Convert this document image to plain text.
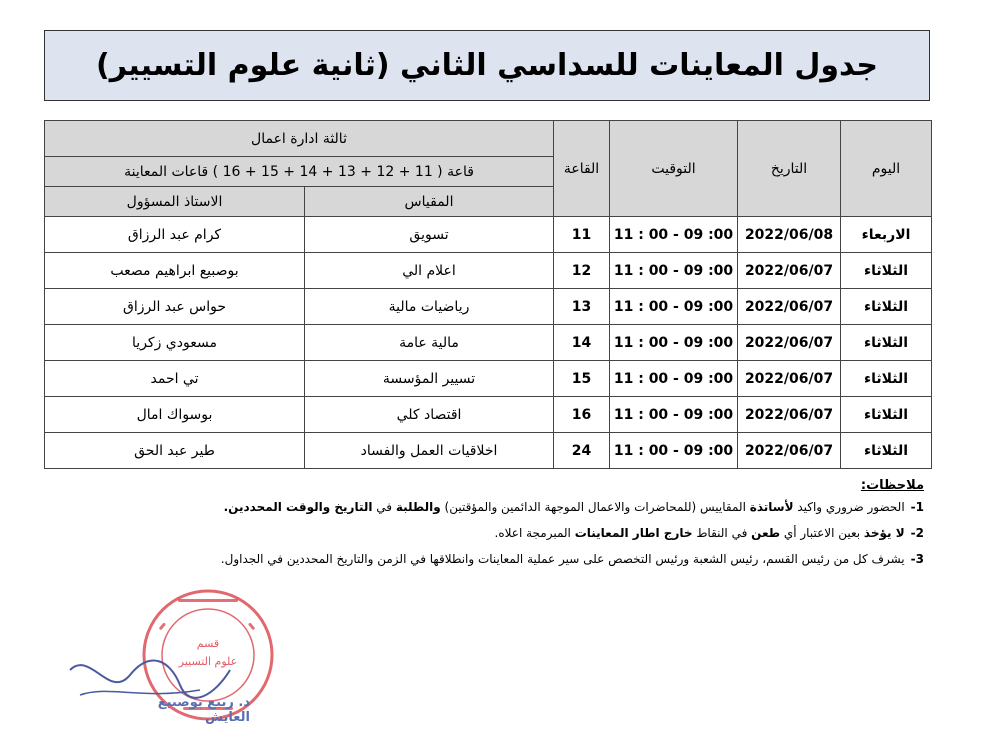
جدول المعاينات للسداسي الثاني (ثانية علوم التسيير)
اليوم	التاريخ	التوقيت	القاعة	ثالثة ادارة اعمال	
				قاعة ( 11 + 12 + 13 + 14 + 15 + 16 ) قاعات المعاينة	
				المقياس	الاستاذ المسؤول
الاربعاء	2022/06/08	11 : 00 - 09 :00	11	تسويق	كرام عبد الرزاق
الثلاثاء	2022/06/07	11 : 00 - 09 :00	12	اعلام الي	بوصبيع ابراهيم مصعب
الثلاثاء	2022/06/07	11 : 00 - 09 :00	13	رياضيات مالية	حواس عبد الرزاق
الثلاثاء	2022/06/07	11 : 00 - 09 :00	14	مالية عامة	مسعودي زكريا
الثلاثاء	2022/06/07	11 : 00 - 09 :00	15	تسيير المؤسسة	تي احمد
الثلاثاء	2022/06/07	11 : 00 - 09 :00	16	اقتصاد كلي	بوسواك امال
الثلاثاء	2022/06/07	11 : 00 - 09 :00	24	اخلاقيات العمل والفساد	طير عبد الحق
ملاحظات:
1-الحضور ضروري واكيد لأساتذة المقاييس (للمحاضرات والاعمال الموجهة الدائمين والمؤقتين) والطلبة في التاريخ والوقت المحددين.
2-لا يؤخذ بعين الاعتبار أي طعن في النقاط خارج اطار المعاينات المبرمجة اعلاه.
3-يشرف كل من رئيس القسم، رئيس الشعبة ورئيس التخصص على سير عملية المعاينات وانطلاقها في الزمن والتاريخ المحددين في الجداول.
قسم
علوم التسيير
د. ربيع بوصبيع العايش
